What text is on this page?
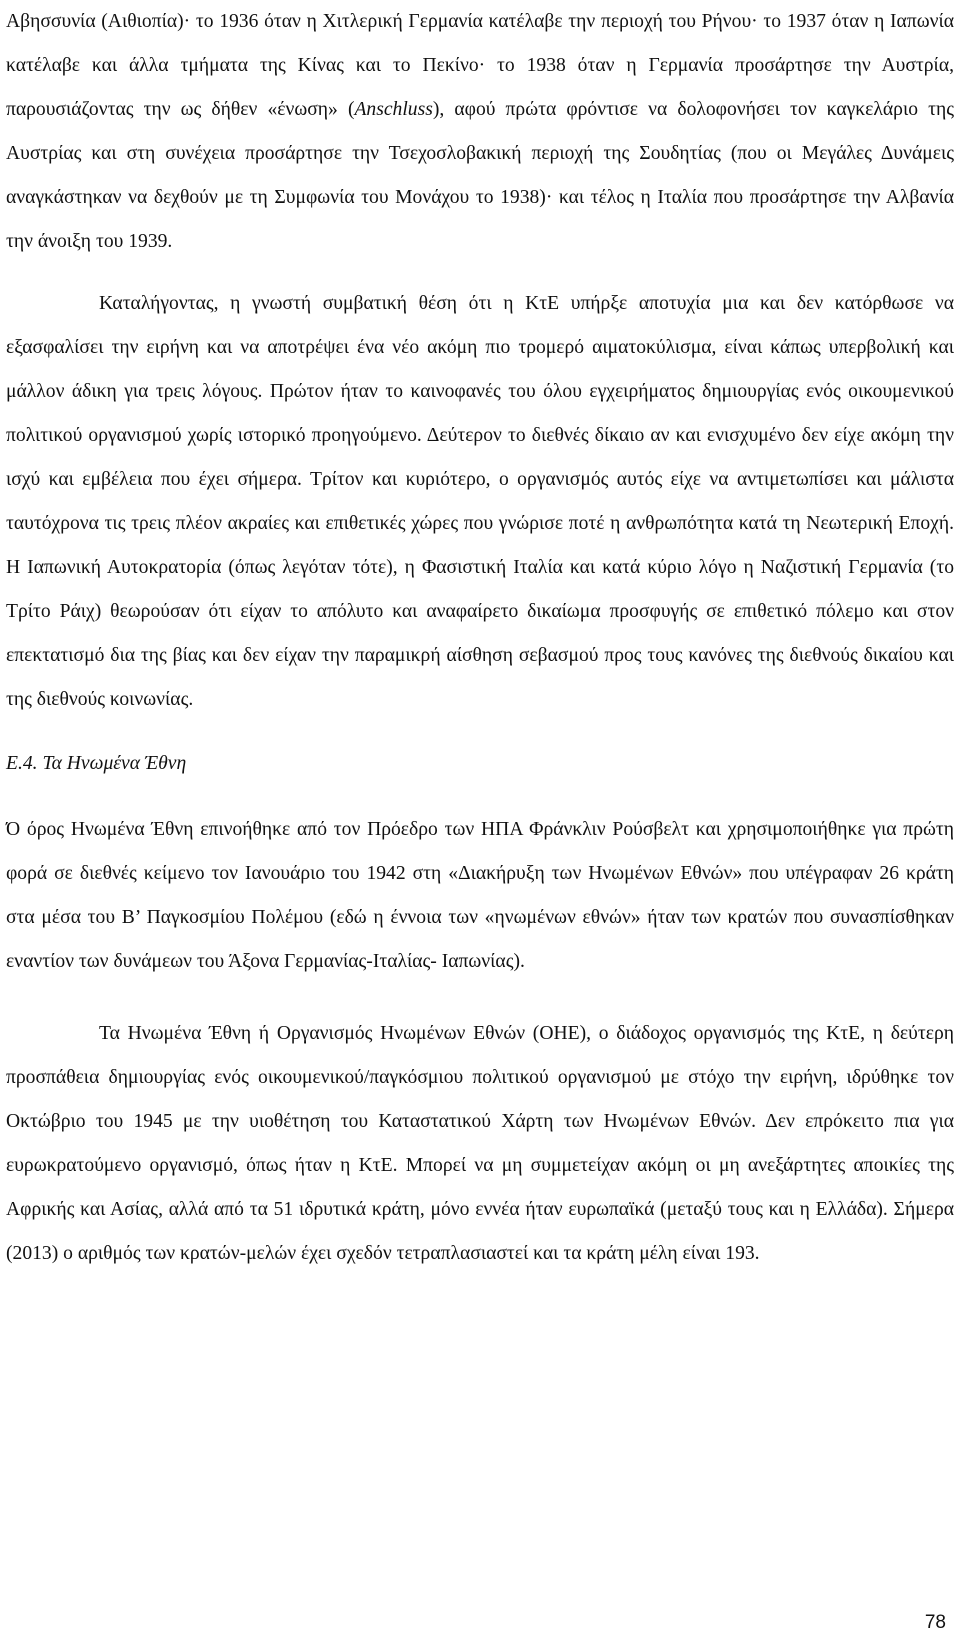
Αβησσυνία (Αιθιοπία)· το 1936 όταν η Χιτλερική Γερμανία κατέλαβε την περιοχή του Ρήνου· το 1937 όταν η Ιαπωνία κατέλαβε και άλλα τμήματα της Κίνας και το Πεκίνο· το 1938 όταν η Γερμανία προσάρτησε την Αυστρία, παρουσιάζοντας την ως δήθεν «ένωση» (Anschluss), αφού πρώτα φρόντισε να δολοφονήσει τον καγκελάριο της Αυστρίας και στη συνέχεια προσάρτησε την Τσεχοσλοβακική περιοχή της Σουδητίας (που οι Μεγάλες Δυνάμεις αναγκάστηκαν να δεχθούν με τη Συμφωνία του Μονάχου το 1938)· και τέλος η Ιταλία που προσάρτησε την Αλβανία την άνοιξη του 1939.

Καταλήγοντας, η γνωστή συμβατική θέση ότι η ΚτΕ υπήρξε αποτυχία μια και δεν κατόρθωσε να εξασφαλίσει την ειρήνη και να αποτρέψει ένα νέο ακόμη πιο τρομερό αιματοκύλισμα, είναι κάπως υπερβολική και μάλλον άδικη για τρεις λόγους. Πρώτον ήταν το καινοφανές του όλου εγχειρήματος δημιουργίας ενός οικουμενικού πολιτικού οργανισμού χωρίς ιστορικό προηγούμενο. Δεύτερον το διεθνές δίκαιο αν και ενισχυμένο δεν είχε ακόμη την ισχύ και εμβέλεια που έχει σήμερα. Τρίτον και κυριότερο, ο οργανισμός αυτός είχε να αντιμετωπίσει και μάλιστα ταυτόχρονα τις τρεις πλέον ακραίες και επιθετικές χώρες που γνώρισε ποτέ η ανθρωπότητα κατά τη Νεωτερική Εποχή. Η Ιαπωνική Αυτοκρατορία (όπως λεγόταν τότε), η Φασιστική Ιταλία και κατά κύριο λόγο η Ναζιστική Γερμανία (το Τρίτο Ράιχ) θεωρούσαν ότι είχαν το απόλυτο και αναφαίρετο δικαίωμα προσφυγής σε επιθετικό πόλεμο και στον επεκτατισμό δια της βίας και δεν είχαν την παραμικρή αίσθηση σεβασμού προς τους κανόνες της διεθνούς δικαίου και της διεθνούς κοινωνίας.

Ε.4. Τα Ηνωμένα Έθνη

Ό όρος Ηνωμένα Έθνη επινοήθηκε από τον Πρόεδρο των ΗΠΑ Φράνκλιν Ρούσβελτ και χρησιμοποιήθηκε για πρώτη φορά σε διεθνές κείμενο τον Ιανουάριο του 1942 στη «Διακήρυξη των Ηνωμένων Εθνών» που υπέγραφαν 26 κράτη στα μέσα του Β’ Παγκοσμίου Πολέμου (εδώ η έννοια των «ηνωμένων εθνών» ήταν των κρατών που συνασπίσθηκαν εναντίον των δυνάμεων του Άξονα Γερμανίας-Ιταλίας- Ιαπωνίας).

Τα Ηνωμένα Έθνη ή Οργανισμός Ηνωμένων Εθνών (ΟΗΕ), ο διάδοχος οργανισμός της ΚτΕ, η δεύτερη προσπάθεια δημιουργίας ενός οικουμενικού/παγκόσμιου πολιτικού οργανισμού με στόχο την ειρήνη, ιδρύθηκε τον Οκτώβριο του 1945 με την υιοθέτηση του Καταστατικού Χάρτη των Ηνωμένων Εθνών. Δεν επρόκειτο πια για ευρωκρατούμενο οργανισμό, όπως ήταν η ΚτΕ. Μπορεί να μη συμμετείχαν ακόμη οι μη ανεξάρτητες αποικίες της Αφρικής και Ασίας, αλλά από τα 51 ιδρυτικά κράτη, μόνο εννέα ήταν ευρωπαϊκά (μεταξύ τους και η Ελλάδα). Σήμερα (2013) ο αριθμός των κρατών-μελών έχει σχεδόν τετραπλασιαστεί και τα κράτη μέλη είναι 193.

78
